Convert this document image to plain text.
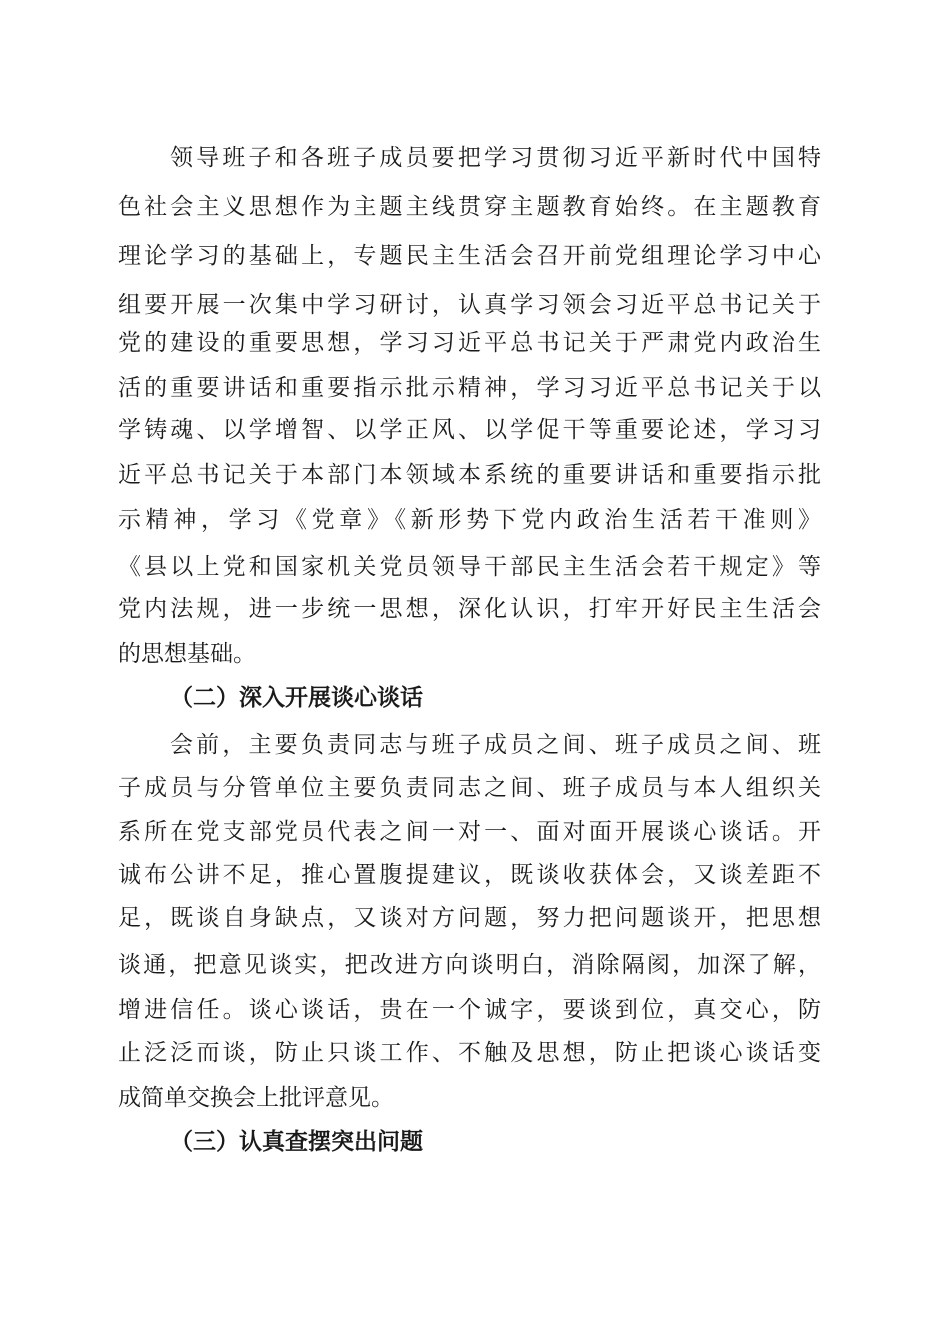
领导班子和各班子成员要把学习贯彻习近平新时代中国特
色社会主义思想作为主题主线贯穿主题教育始终。在主题教育
理论学习的基础上，专题民主生活会召开前党组理论学习中心
组要开展一次集中学习研讨，认真学习领会习近平总书记关于
党的建设的重要思想，学习习近平总书记关于严肃党内政治生
活的重要讲话和重要指示批示精神，学习习近平总书记关于以
学铸魂、以学增智、以学正风、以学促干等重要论述，学习习
近平总书记关于本部门本领域本系统的重要讲话和重要指示批
示精神，学习《党章》《新形势下党内政治生活若干准则》
《县以上党和国家机关党员领导干部民主生活会若干规定》等
党内法规，进一步统一思想，深化认识，打牢开好民主生活会
的思想基础。
（二）深入开展谈心谈话
会前，主要负责同志与班子成员之间、班子成员之间、班
子成员与分管单位主要负责同志之间、班子成员与本人组织关
系所在党支部党员代表之间一对一、面对面开展谈心谈话。开
诚布公讲不足，推心置腹提建议，既谈收获体会，又谈差距不
足，既谈自身缺点，又谈对方问题，努力把问题谈开，把思想
谈通，把意见谈实，把改进方向谈明白，消除隔阂，加深了解，
增进信任。谈心谈话，贵在一个诚字，要谈到位，真交心，防
止泛泛而谈，防止只谈工作、不触及思想，防止把谈心谈话变
成简单交换会上批评意见。
（三）认真查摆突出问题
